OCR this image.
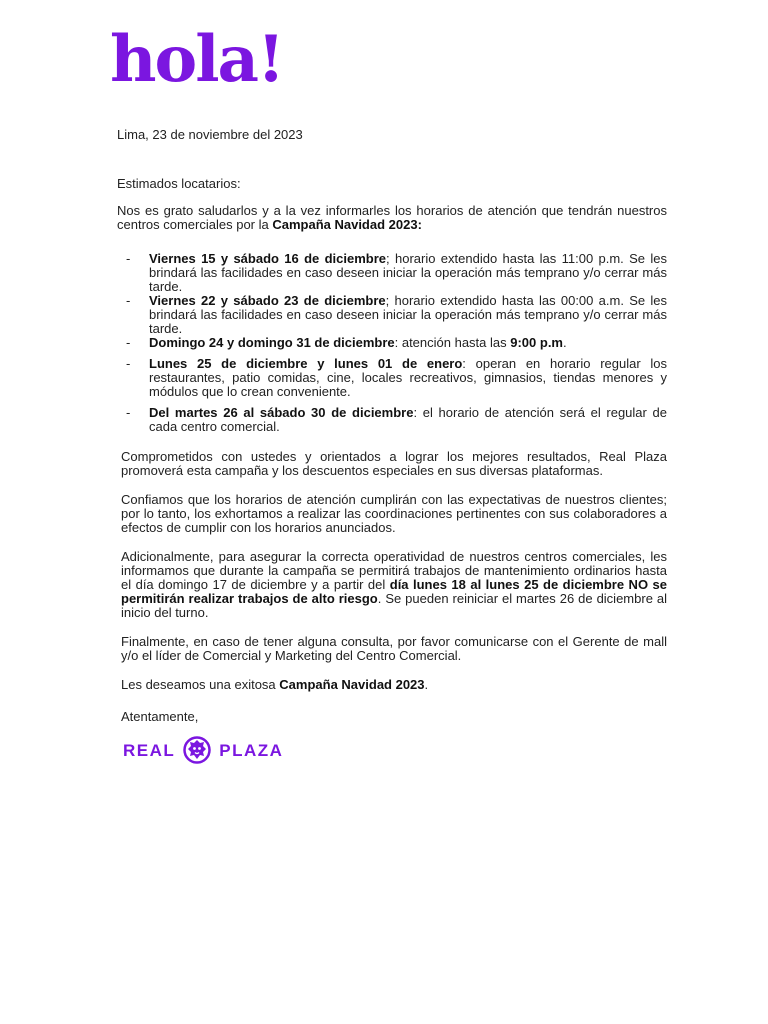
hola!

Lima, 23 de noviembre del 2023

Estimados locatarios:

Nos es grato saludarlos y a la vez informarles los horarios de atención que tendrán nuestros centros comerciales por la Campaña Navidad 2023:

- Viernes 15 y sábado 16 de diciembre; horario extendido hasta las 11:00 p.m. Se les brindará las facilidades en caso deseen iniciar la operación más temprano y/o cerrar más tarde.
- Viernes 22 y sábado 23 de diciembre; horario extendido hasta las 00:00 a.m. Se les brindará las facilidades en caso deseen iniciar la operación más temprano y/o cerrar más tarde.
- Domingo 24 y domingo 31 de diciembre: atención hasta las 9:00 p.m.
- Lunes 25 de diciembre y lunes 01 de enero: operan en horario regular los restaurantes, patio comidas, cine, locales recreativos, gimnasios, tiendas menores y módulos que lo crean conveniente.
- Del martes 26 al sábado 30 de diciembre: el horario de atención será el regular de cada centro comercial.

Comprometidos con ustedes y orientados a lograr los mejores resultados, Real Plaza promoverá esta campaña y los descuentos especiales en sus diversas plataformas.

Confiamos que los horarios de atención cumplirán con las expectativas de nuestros clientes; por lo tanto, los exhortamos a realizar las coordinaciones pertinentes con sus colaboradores a efectos de cumplir con los horarios anunciados.

Adicionalmente, para asegurar la correcta operatividad de nuestros centros comerciales, les informamos que durante la campaña se permitirá trabajos de mantenimiento ordinarios hasta el día domingo 17 de diciembre y a partir del día lunes 18 al lunes 25 de diciembre NO se permitirán realizar trabajos de alto riesgo. Se pueden reiniciar el martes 26 de diciembre al inicio del turno.

Finalmente, en caso de tener alguna consulta, por favor comunicarse con el Gerente de mall y/o el líder de Comercial y Marketing del Centro Comercial.

Les deseamos una exitosa Campaña Navidad 2023.

Atentamente,

REAL	PLAZA
